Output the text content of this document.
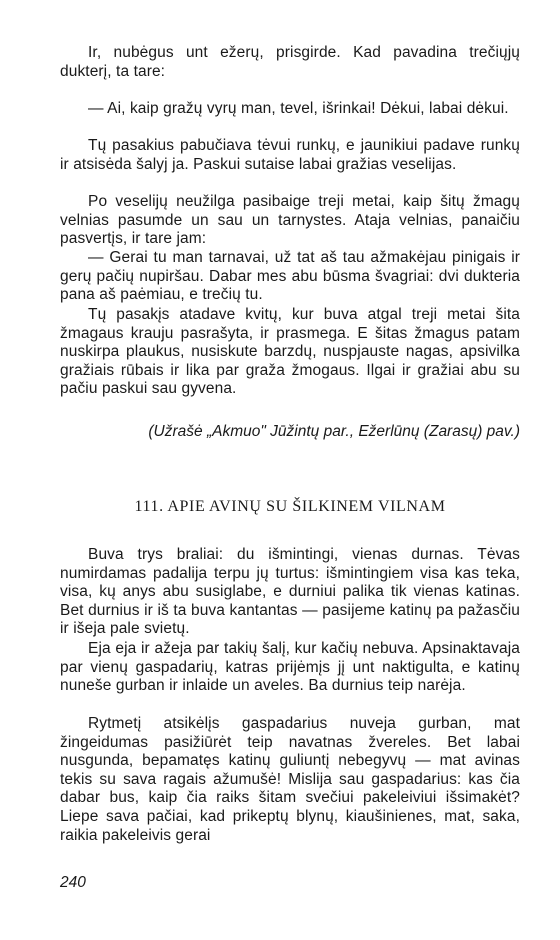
Ir, nubėgus unt ežerų, prisgirde. Kad pavadina trečiųjų dukterį, ta tare:

— Ai, kaip gražų vyrų man, tevel, išrinkai! Dėkui, labai dėkui.

Tų pasakius pabučiava tėvui runkų, e jaunikiui padave runkų ir atsisėda šalyj ja. Paskui sutaise labai gražias veselijas.

Po veselijų neužilga pasibaige treji metai, kaip šitų žmagų velnias pasumde un sau un tarnystes. Ataja velnias, panaičiu pasvertįs, ir tare jam:

— Gerai tu man tarnavai, už tat aš tau ažmakėjau pinigais ir gerų pačių nupiršau. Dabar mes abu būsma švagriai: dvi dukteria pana aš paėmiau, e trečių tu.

Tų pasakįs atadave kvitų, kur buva atgal treji metai šita žmagaus krauju pasrašyta, ir prasmega. E šitas žmagus patam nuskirpa plaukus, nusiskute barzdų, nuspjauste nagas, apsivilka gražiais rūbais ir lika par graža žmogaus. Ilgai ir gražiai abu su pačiu paskui sau gyvena.

(Užrašė „Akmuo" Jūžintų par., Ežerlūnų (Zarasų) pav.)

111. APIE AVINŲ SU ŠILKINEM VILNAM

Buva trys braliai: du išmintingi, vienas durnas. Tėvas numirdamas padalija terpu jų turtus: išmintingiem visa kas teka, visa, kų anys abu susiglabe, e durniui palika tik vienas katinas. Bet durnius ir iš ta buva kantantas — pasijeme katinų pa pažasčiu ir išeja pale svietų.

Eja eja ir ažeja par takių šalį, kur kačių nebuva. Apsinaktavaja par vienų gaspadarių, katras prijėmįs jį unt naktigulta, e katinų nuneše gurban ir inlaide un aveles. Ba durnius teip narėja.

Rytmetį atsikėlįs gaspadarius nuveja gurban, mat žingeidumas pasižiūrėt teip navatnas žvereles. Bet labai nusgunda, bepamatęs katinų guliuntį nebegyvų — mat avinas tekis su sava ragais ažumušė! Mislija sau gaspadarius: kas čia dabar bus, kaip čia raiks šitam svečiui pakeleiviui išsimakėt? Liepe sava pačiai, kad prikeptų blynų, kiaušinienes, mat, saka, raikia pakeleivis gerai

240
